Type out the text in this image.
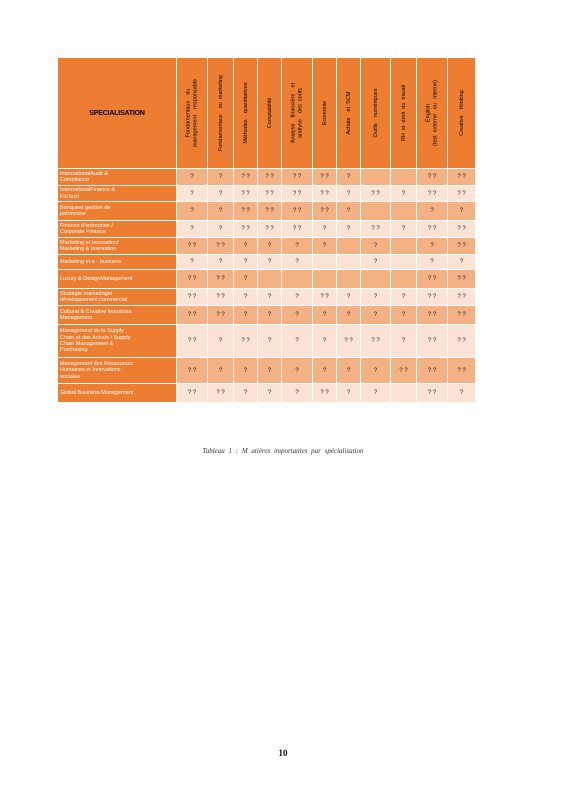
SPECIALISATION	Fondamentaux    du
management    responsable	Fondamentaux    du  marketing	Méthodes    quantitatives	Comptabilité	Analyse    financière    et
analyse    des  coûts	Economie	Achats    et  SCM	Outils    numériques	RH  et  droit  du  travail	English
(test  externe   ou   interne)	Creative    thinking

InternationalAudit &
Compliance	?	?	? ?	? ?	? ?	? ?	?			? ?	? ?
InternationalFinance &
FinTech	?	?	? ?	? ?	? ?	? ?	?	? ?	?	? ?	? ?
Banqueet gestion de
patrimoine	?	?	? ?	? ?	? ?	? ?	?			?	?
Finance d'entreprise /
Corporate Finance	?	?	? ?	? ?	? ?	?	?	? ?	?	? ?	? ?
Marketing et Innovation/
Marketing & Innovation	? ?	? ?	?	?	?	?		?		?	? ?
Marketing et e - business	?	?	?	?	?			?		?	?
Luxury & DesignManagement	? ?	? ?	?							? ?	? ?
Stratégie marketinget
développement commercial	? ?	? ?	?	?	?	? ?	?	?	?	? ?	? ?
Cultural & Creative Industries
Management	? ?	? ?	?	?	?	?	?	?	?	? ?	? ?
Management de la Supply
Chain et des Achats / Supply
Chain Management &
Purchasing	? ?	?	? ?	?	?	?	? ?	? ?	?	? ?	? ?
Management des Ressources
Humaines et Innovations
sociales	? ?	?	?	?	?	?	?	?	? ?	? ?	? ?
Global Business Management	? ?	? ?	?	?	?	? ?	?	?		? ?	?
Tableau 1 : M atières importantes par spécialisation
10
